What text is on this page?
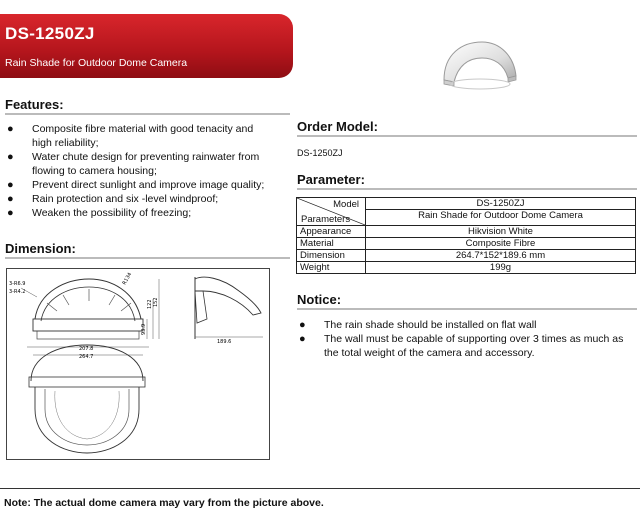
DS-1250ZJ
Rain Shade for Outdoor Dome Camera
Features:
● Composite fibre material with good tenacity and high reliability;
● Water chute design for preventing rainwater from flowing to camera housing;
● Prevent direct sunlight and improve image quality;
● Rain protection and six -level windproof;
● Weaken the possibility of freezing;
Dimension:
207.8
264.7
3-R6.9
3-R4.2
R134
93.9
122 152
189.6
Order Model:
DS-1250ZJ
Parameter:
Model
Parameters	DS-1250ZJ
	Rain Shade for Outdoor Dome Camera
Appearance	Hikvision White
Material	Composite Fibre
Dimension	264.7*152*189.6 mm
Weight	199g
Notice:
● The rain shade should be installed on flat wall
● The wall must be capable of supporting over 3 times as much as the total weight of the camera and accessory.
Note: The actual dome camera may vary from the picture above.
